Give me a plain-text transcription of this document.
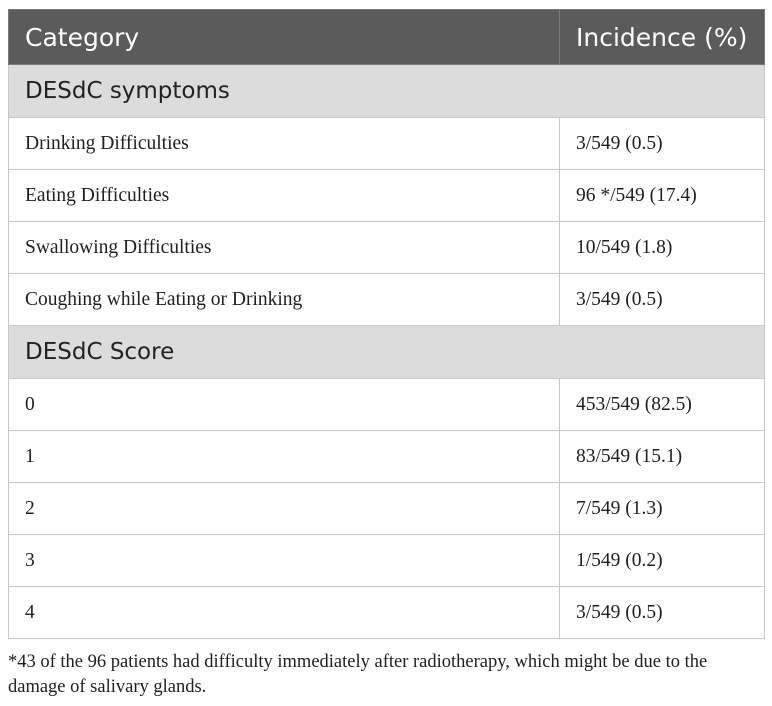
Category	Incidence (%)
DESdC symptoms	
Drinking Difficulties	3/549 (0.5)
Eating Difficulties	96 */549 (17.4)
Swallowing Difficulties	10/549 (1.8)
Coughing while Eating or Drinking	3/549 (0.5)
DESdC Score	
0	453/549 (82.5)
1	83/549 (15.1)
2	7/549 (1.3)
3	1/549 (0.2)
4	3/549 (0.5)
*43 of the 96 patients had difficulty immediately after radiotherapy, which might be due to the damage of salivary glands.
